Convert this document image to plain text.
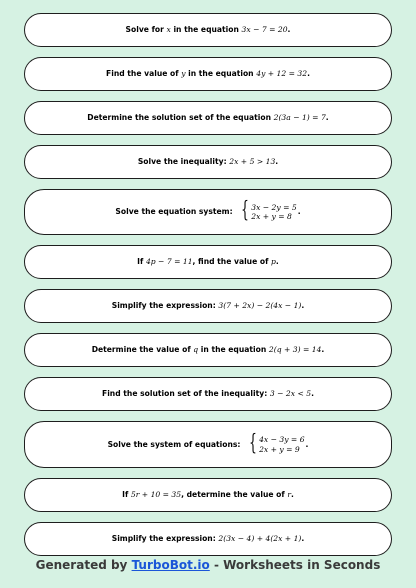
Solve for x in the equation 3x − 7 = 20 .
Find the value of y in the equation 4y + 12 = 32 .
Determine the solution set of the equation 2(3a − 1) = 7 .
Solve the inequality: 2x + 5 > 13 .
Solve the equation system: { 3x − 2y = 5
2x + y = 8
.
If 4p − 7 = 11 , find the value of p .
Simplify the expression: 3(7 + 2x) − 2(4x − 1) .
Determine the value of q in the equation 2(q + 3) = 14 .
Find the solution set of the inequality: 3 − 2x < 5 .
Solve the system of equations: { 4x − 3y = 6
2x + y = 9
.
If 5r + 10 = 35 , determine the value of r .
Simplify the expression: 2(3x − 4) + 4(2x + 1) .
Generated by TurboBot.io - Worksheets in Seconds
